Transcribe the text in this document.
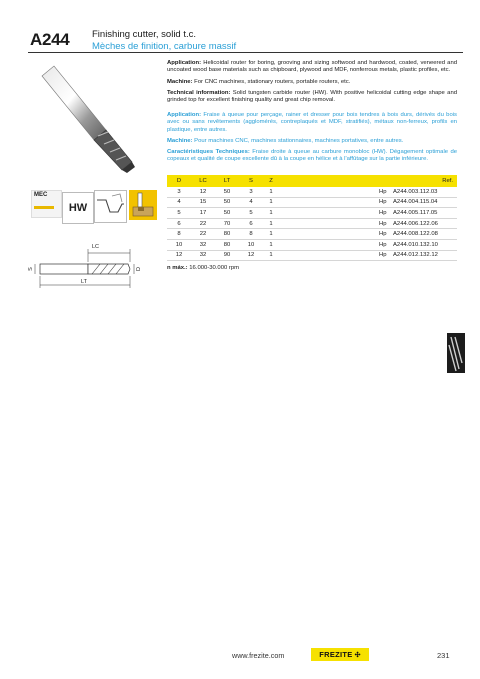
A244 Finishing cutter, solid t.c.
Mèches de finition, carbure massif

Application: Helicoidal router for boring, grooving and sizing softwood and hardwood, coated, veneered and uncoated wood base materials such as chipboard, plywood and MDF, nonferrous metals, plastic profiles, etc.

Machine: For CNC machines, stationary routers, portable routers, etc.

Technical information: Solid tungsten carbide router (HW). With positive helicoidal cutting edge shape and grinded top for excellent finishing quality and great chip removal.

Application: Fraise à queue pour perçage, rainer et dresser pour bois tendres à bois durs, dérivés du bois avec ou sans revêtements (agglomérés, contreplaqués et MDF, stratifiés), métaux non-ferreux, profils en plastique, entre autres.

Machine: Pour machines CNC, machines stationnaires, machines portatives, entre autres.

Caractéristiques Techniques: Fraise droite à queue au carbure monobloc (HW). Dégagement optimale de copeaux et qualité de coupe excellente dû à la coupe en hélice et à l'affûtage sur la partie inférieure.

MEC
HW
LC
LT
S	D
D	LC	LT	S	Z			Ref.
3	12	50	3	1		Hp	A244.003.112.03
4	15	50	4	1		Hp	A244.004.115.04
5	17	50	5	1		Hp	A244.005.117.05
6	22	70	6	1		Hp	A244.006.122.06
8	22	80	8	1		Hp	A244.008.122.08
10	32	80	10	1		Hp	A244.010.132.10
12	32	90	12	1		Hp	A244.012.132.12
n máx.: 16.000-30.000 rpm
www.frezite.com	FREZITE ✣	231
